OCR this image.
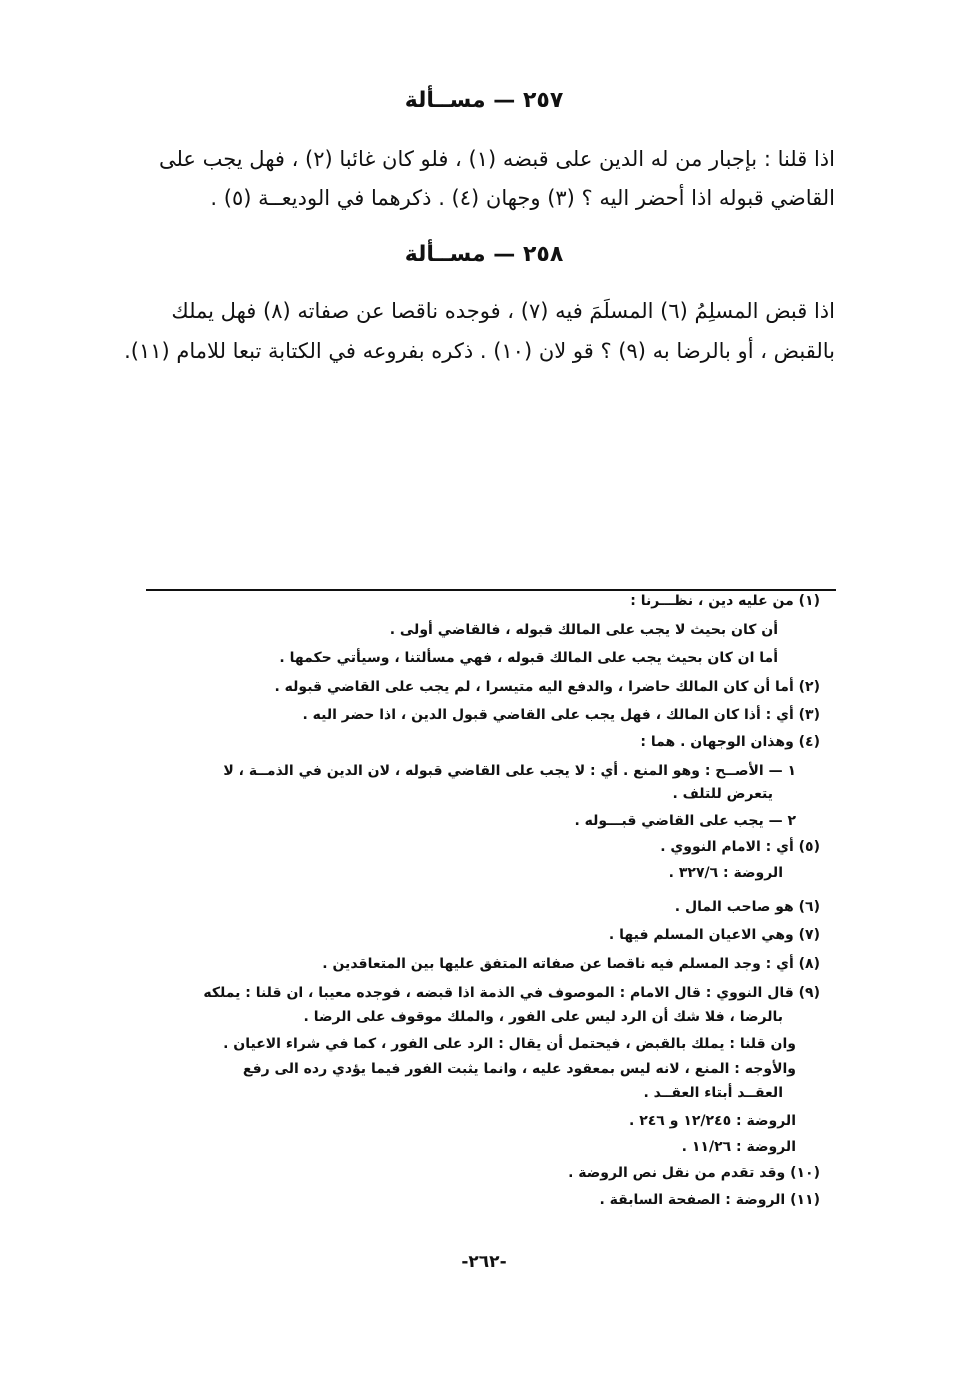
٢٥٧ — مســألة
اذا قلنا : بإجبار من له الدين على قبضه (١) ، فلو كان غائبا (٢) ، فهل يجب على
القاضي قبوله اذا أحضر اليه ؟ (٣) وجهان (٤) . ذكرهما في الوديعــة (٥) .
٢٥٨ — مســألة
اذا قبض المسلِمُ (٦) المسلَمَ فيه (٧) ، فوجده ناقصا عن صفاته (٨) فهل يملك
بالقبض ، أو بالرضا به (٩) ؟ قو لان (١٠) . ذكره بفروعه في الكتابة تبعا للامام (١١).
(١) من عليه دين ، نظـــرنا :
أن كان بحيث لا يجب على المالك قبوله ، فالقاضي أولى .
أما ان كان بحيث يجب على المالك قبوله ، فهي مسألتنا ، وسيأتي حكمها .
(٢) أما أن كان المالك حاضرا ، والدفع اليه متيسرا ، لم يجب على القاضي قبوله .
(٣) أي : أذا كان المالك ، فهل يجب على القاضي قبول الدين ، اذا حضر اليه .
(٤) وهذان الوجهان . هما :
١ — الأصــح : وهو المنع . أي : لا يجب على القاضي قبوله ، لان الدين في الذمــة ، لا
يتعرض للتلف .
٢ — يجب على القاضي قبـــوله .
(٥) أي : الامام النووي .
الروضة : ٣٢٧/٦ .
(٦) هو صاحب المال .
(٧) وهي الاعيان المسلم فيها .
(٨) أي : وجد المسلم فيه ناقصا عن صفاته المتفق عليها بين المتعاقدين .
(٩) قال النووي : قال الامام : الموصوف في الذمة اذا قبضه ، فوجده معيبا ، ان قلنا : يملكه
بالرضا ، فلا شك أن الرد ليس على الفور ، والملك موقوف على الرضا .
وان قلنا : يملك بالقبض ، فيحتمل أن يقال : الرد على الفور ، كما في شراء الاعيان .
والأوجه : المنع ، لانه ليس بمعقود عليه ، وانما يثبت الفور فيما يؤدي رده الى رفع
العقــد أبتاء العقــد .
الروضة : ١٢/٢٤٥ و ٢٤٦ .
الروضة : ١١/٢٦ .
(١٠) وقد تقدم من نقل نص الروضة .
(١١) الروضة : الصفحة السابقة .
-٢٦٢-
